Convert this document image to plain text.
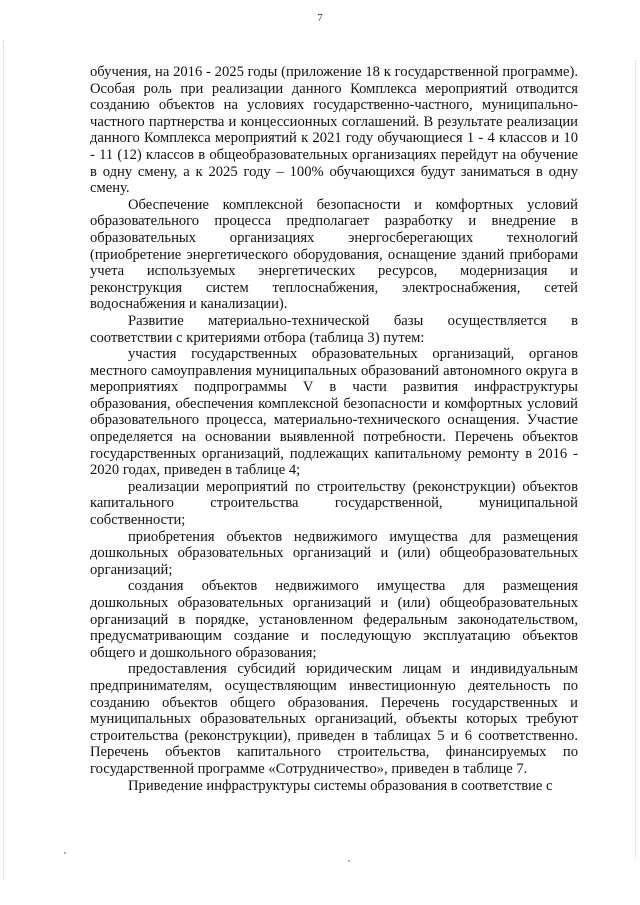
7

обучения, на 2016 - 2025 годы (приложение 18 к государственной программе). Особая роль при реализации данного Комплекса мероприятий отводится созданию объектов на условиях государственно-частного, муниципально-частного партнерства и концессионных соглашений. В результате реализации данного Комплекса мероприятий к 2021 году обучающиеся 1 - 4 классов и 10 - 11 (12) классов в общеобразовательных организациях перейдут на обучение в одну смену, а к 2025 году – 100% обучающихся будут заниматься в одну смену.

Обеспечение комплексной безопасности и комфортных условий образовательного процесса предполагает разработку и внедрение в образовательных организациях энергосберегающих технологий (приобретение энергетического оборудования, оснащение зданий приборами учета используемых энергетических ресурсов, модернизация и реконструкция систем теплоснабжения, электроснабжения, сетей водоснабжения и канализации).

Развитие материально-технической базы осуществляется в соответствии с критериями отбора (таблица 3) путем:

участия государственных образовательных организаций, органов местного самоуправления муниципальных образований автономного округа в мероприятиях подпрограммы V в части развития инфраструктуры образования, обеспечения комплексной безопасности и комфортных условий образовательного процесса, материально-технического оснащения. Участие определяется на основании выявленной потребности. Перечень объектов государственных организаций, подлежащих капитальному ремонту в 2016 - 2020 годах, приведен в таблице 4;

реализации мероприятий по строительству (реконструкции) объектов капитального строительства государственной, муниципальной собственности;

приобретения объектов недвижимого имущества для размещения дошкольных образовательных организаций и (или) общеобразовательных организаций;

создания объектов недвижимого имущества для размещения дошкольных образовательных организаций и (или) общеобразовательных организаций в порядке, установленном федеральным законодательством, предусматривающим создание и последующую эксплуатацию объектов общего и дошкольного образования;

предоставления субсидий юридическим лицам и индивидуальным предпринимателям, осуществляющим инвестиционную деятельность по созданию объектов общего образования. Перечень государственных и муниципальных образовательных организаций, объекты которых требуют строительства (реконструкции), приведен в таблицах 5 и 6 соответственно. Перечень объектов капитального строительства, финансируемых по государственной программе «Сотрудничество», приведен в таблице 7.

Приведение инфраструктуры системы образования в соответствие с
